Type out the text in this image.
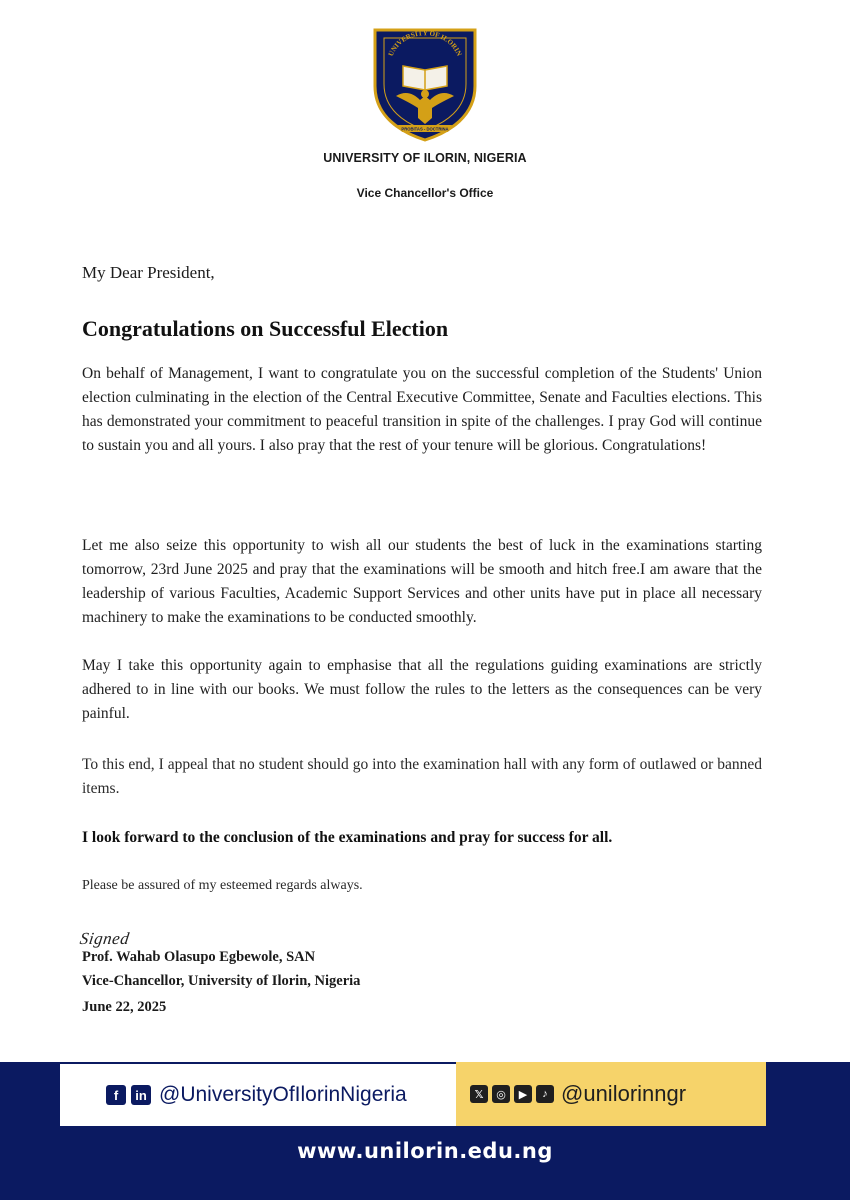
UNIVERSITY OF ILORIN
PROBITAS - DOCTRINA
UNIVERSITY OF ILORIN, NIGERIA
Vice Chancellor's Office
My Dear President,
Congratulations on Successful Election
On behalf of Management, I want to congratulate you on the successful completion of the Students' Union election culminating in the election of the Central Executive Committee, Senate and Faculties elections. This has demonstrated your commitment to peaceful transition in spite of the challenges. I pray God will continue to sustain you and all yours. I also pray that the rest of your tenure will be glorious. Congratulations!
Let me also seize this opportunity to wish all our students the best of luck in the examinations starting tomorrow, 23rd June 2025 and pray that the examinations will be smooth and hitch free.I am aware that the leadership of various Faculties, Academic Support Services and other units have put in place all necessary machinery to make the examinations to be conducted smoothly.
May I take this opportunity again to emphasise that all the regulations guiding examinations are strictly adhered to in line with our books. We must follow the rules to the letters as the consequences can be very painful.
To this end, I appeal that no student should go into the examination hall with any form of outlawed or banned items.
I look forward to the conclusion of the examinations and pray for success for all.
Please be assured of my esteemed regards always.
Signed
Prof. Wahab Olasupo Egbewole, SAN
Vice-Chancellor, University of Ilorin, Nigeria
June 22, 2025
f	in @UniversityOfIlorinNigeria	𝕏	◎	▶	♪ @unilorinngr
www.unilorin.edu.ng
